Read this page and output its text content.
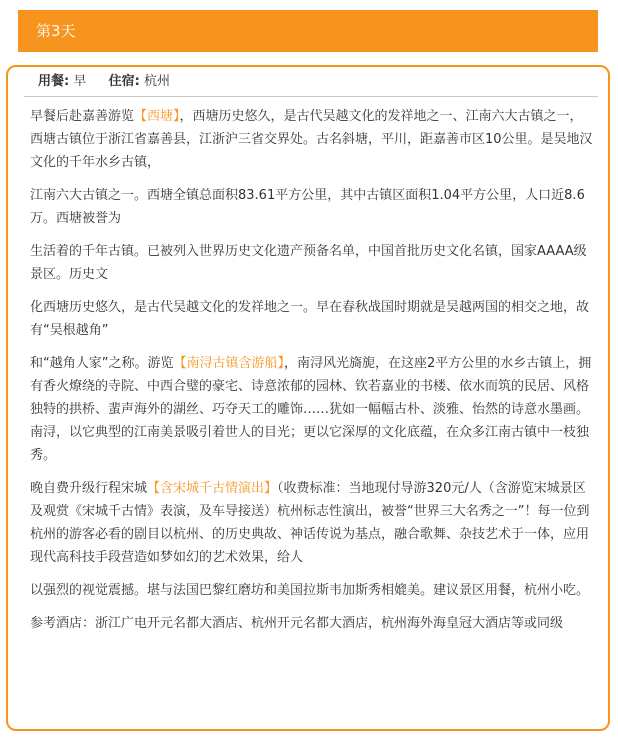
第3天
用餐: 早 住宿: 杭州

早餐后赴嘉善游览【西塘】，西塘历史悠久，是古代吴越文化的发祥地之一、江南六大古镇之一，西塘古镇位于浙江省嘉善县，江浙沪三省交界处。古名斜塘，平川，距嘉善市区10公里。是吴地汉文化的千年水乡古镇，

江南六大古镇之一。西塘全镇总面积83.61平方公里，其中古镇区面积1.04平方公里，人口近8.6万。西塘被誉为

生活着的千年古镇。已被列入世界历史文化遗产预备名单，中国首批历史文化名镇，国家AAAA级景区。历史文

化西塘历史悠久，是古代吴越文化的发祥地之一。早在春秋战国时期就是吴越两国的相交之地，故有“吴根越角”

和“越角人家”之称。游览【南浔古镇含游船】，南浔风光旖旎，在这座2平方公里的水乡古镇上，拥有香火燎绕的寺院、中西合璧的豪宅、诗意浓郁的园林、钦若嘉业的书楼、依水而筑的民居、风格独特的拱桥、蜚声海外的湖丝、巧夺天工的雕饰……犹如一幅幅古朴、淡雅、怡然的诗意水墨画。南浔，以它典型的江南美景吸引着世人的目光；更以它深厚的文化底蕴，在众多江南古镇中一枝独秀。

晚自费升级行程宋城【含宋城千古情演出】（收费标准：当地现付导游320元/人（含游览宋城景区及观赏《宋城千古情》表演，及车导接送）杭州标志性演出，被誉“世界三大名秀之一”！每一位到杭州的游客必看的剧目以杭州、的历史典故、神话传说为基点，融合歌舞、杂技艺术于一体，应用现代高科技手段营造如梦如幻的艺术效果，给人

以强烈的视觉震撼。堪与法国巴黎红磨坊和美国拉斯韦加斯秀相媲美。建议景区用餐，杭州小吃。

参考酒店：浙江广电开元名都大酒店、杭州开元名都大酒店，杭州海外海皇冠大酒店等或同级
